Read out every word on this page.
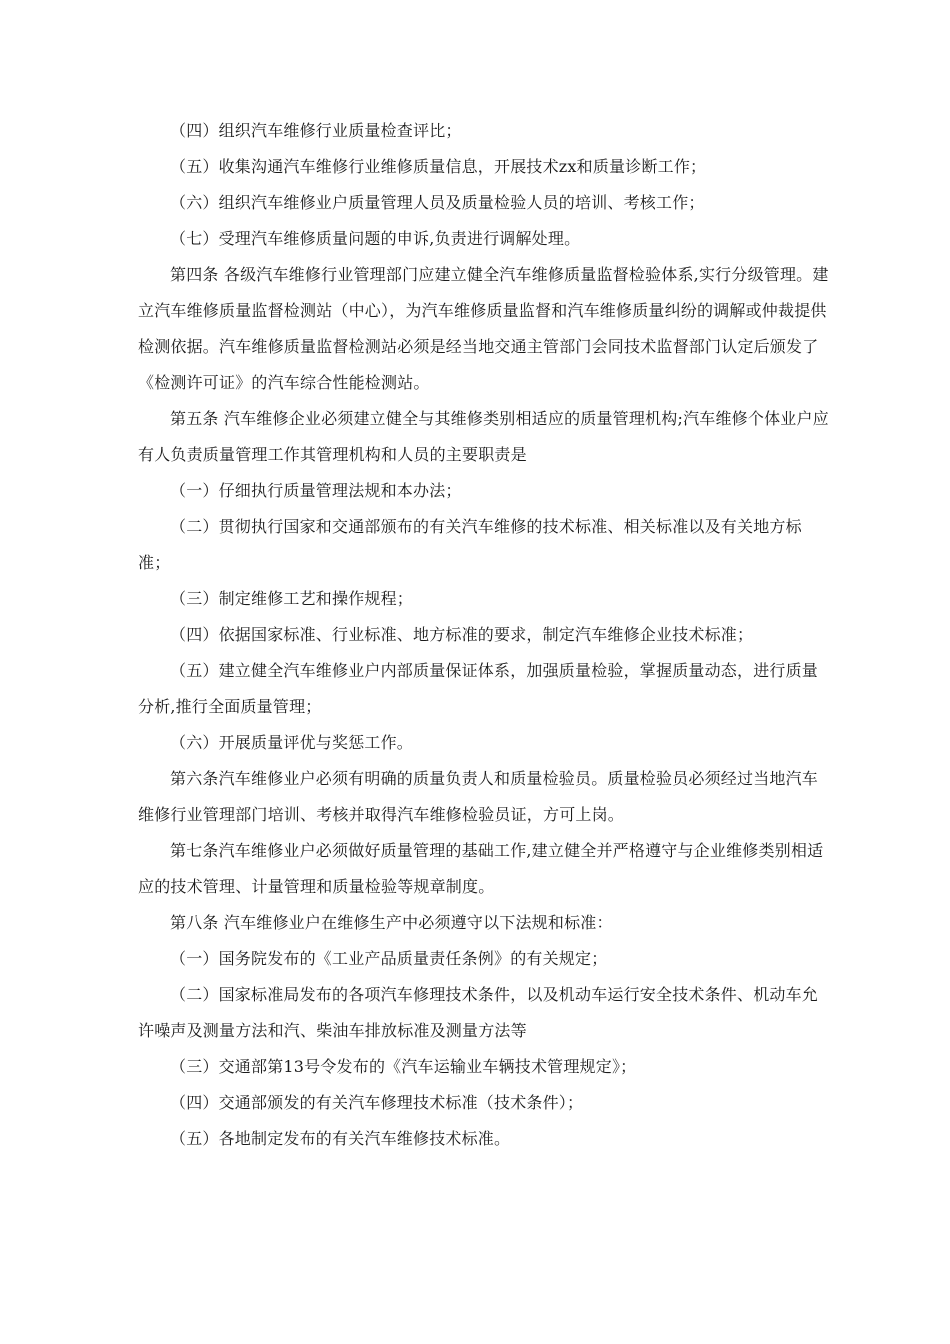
（四）组织汽车维修行业质量检查评比；

（五）收集沟通汽车维修行业维修质量信息，开展技术zx和质量诊断工作；

（六）组织汽车维修业户质量管理人员及质量检验人员的培训、考核工作；

（七）受理汽车维修质量问题的申诉,负责进行调解处理。

第四条 各级汽车维修行业管理部门应建立健全汽车维修质量监督检验体系,实行分级管理。建立汽车维修质量监督检测站（中心），为汽车维修质量监督和汽车维修质量纠纷的调解或仲裁提供检测依据。汽车维修质量监督检测站必须是经当地交通主管部门会同技术监督部门认定后颁发了《检测许可证》的汽车综合性能检测站。

第五条 汽车维修企业必须建立健全与其维修类别相适应的质量管理机构;汽车维修个体业户应有人负责质量管理工作其管理机构和人员的主要职责是

（一）仔细执行质量管理法规和本办法；

（二）贯彻执行国家和交通部颁布的有关汽车维修的技术标准、相关标准以及有关地方标准；

（三）制定维修工艺和操作规程；

（四）依据国家标准、行业标准、地方标准的要求，制定汽车维修企业技术标准；

（五）建立健全汽车维修业户内部质量保证体系，加强质量检验，掌握质量动态，进行质量分析,推行全面质量管理；

（六）开展质量评优与奖惩工作。

第六条汽车维修业户必须有明确的质量负责人和质量检验员。质量检验员必须经过当地汽车维修行业管理部门培训、考核并取得汽车维修检验员证，方可上岗。

第七条汽车维修业户必须做好质量管理的基础工作,建立健全并严格遵守与企业维修类别相适应的技术管理、计量管理和质量检验等规章制度。

第八条 汽车维修业户在维修生产中必须遵守以下法规和标准：

（一）国务院发布的《工业产品质量责任条例》的有关规定；

（二）国家标准局发布的各项汽车修理技术条件，以及机动车运行安全技术条件、机动车允许噪声及测量方法和汽、柴油车排放标准及测量方法等

（三）交通部第13号令发布的《汽车运输业车辆技术管理规定》；

（四）交通部颁发的有关汽车修理技术标准（技术条件）；

（五）各地制定发布的有关汽车维修技术标准。
